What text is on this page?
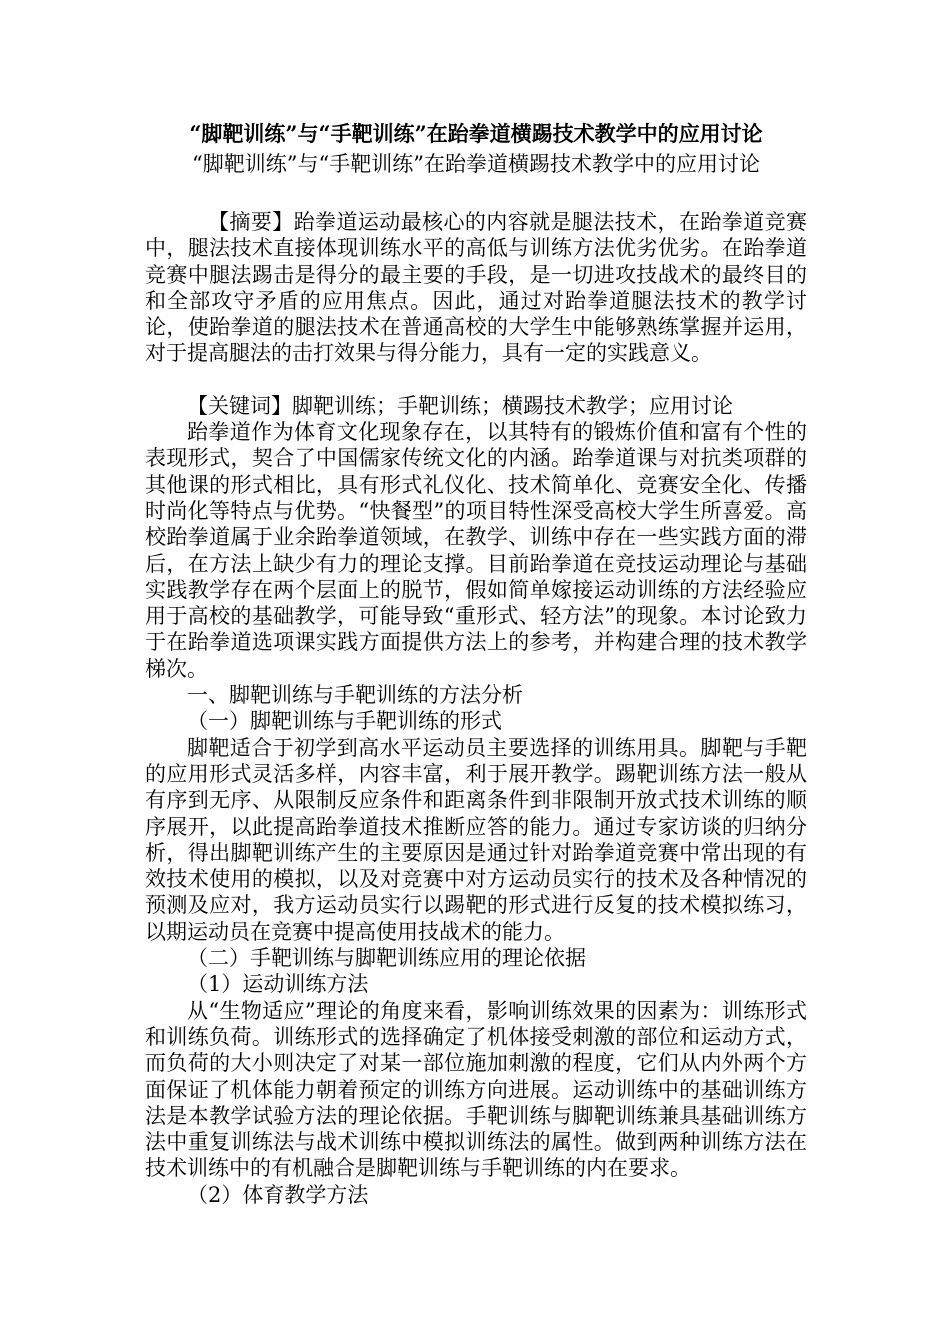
“脚靶训练”与“手靶训练”在跆拳道横踢技术教学中的应用讨论
“脚靶训练”与“手靶训练”在跆拳道横踢技术教学中的应用讨论

【摘要】跆拳道运动最核心的内容就是腿法技术，在跆拳道竞赛中，腿法技术直接体现训练水平的高低与训练方法优劣优劣。在跆拳道竞赛中腿法踢击是得分的最主要的手段，是一切进攻技战术的最终目的和全部攻守矛盾的应用焦点。因此，通过对跆拳道腿法技术的教学讨论，使跆拳道的腿法技术在普通高校的大学生中能够熟练掌握并运用，对于提高腿法的击打效果与得分能力，具有一定的实践意义。

【关键词】脚靶训练；手靶训练；横踢技术教学；应用讨论

跆拳道作为体育文化现象存在，以其特有的锻炼价值和富有个性的表现形式，契合了中国儒家传统文化的内涵。跆拳道课与对抗类项群的其他课的形式相比，具有形式礼仪化、技术简单化、竞赛安全化、传播时尚化等特点与优势。“快餐型”的项目特性深受高校大学生所喜爱。高校跆拳道属于业余跆拳道领域，在教学、训练中存在一些实践方面的滞后，在方法上缺少有力的理论支撑。目前跆拳道在竞技运动理论与基础实践教学存在两个层面上的脱节，假如简单嫁接运动训练的方法经验应用于高校的基础教学，可能导致“重形式、轻方法”的现象。本讨论致力于在跆拳道选项课实践方面提供方法上的参考，并构建合理的技术教学梯次。

一、脚靶训练与手靶训练的方法分析

（一）脚靶训练与手靶训练的形式

脚靶适合于初学到高水平运动员主要选择的训练用具。脚靶与手靶的应用形式灵活多样，内容丰富，利于展开教学。踢靶训练方法一般从有序到无序、从限制反应条件和距离条件到非限制开放式技术训练的顺序展开，以此提高跆拳道技术推断应答的能力。通过专家访谈的归纳分析，得出脚靶训练产生的主要原因是通过针对跆拳道竞赛中常出现的有效技术使用的模拟，以及对竞赛中对方运动员实行的技术及各种情况的预测及应对，我方运动员实行以踢靶的形式进行反复的技术模拟练习，以期运动员在竞赛中提高使用技战术的能力。

（二）手靶训练与脚靶训练应用的理论依据

（1）运动训练方法

从“生物适应”理论的角度来看，影响训练效果的因素为：训练形式和训练负荷。训练形式的选择确定了机体接受刺激的部位和运动方式，而负荷的大小则决定了对某一部位施加刺激的程度，它们从内外两个方面保证了机体能力朝着预定的训练方向进展。运动训练中的基础训练方法是本教学试验方法的理论依据。手靶训练与脚靶训练兼具基础训练方法中重复训练法与战术训练中模拟训练法的属性。做到两种训练方法在技术训练中的有机融合是脚靶训练与手靶训练的内在要求。

（2）体育教学方法
